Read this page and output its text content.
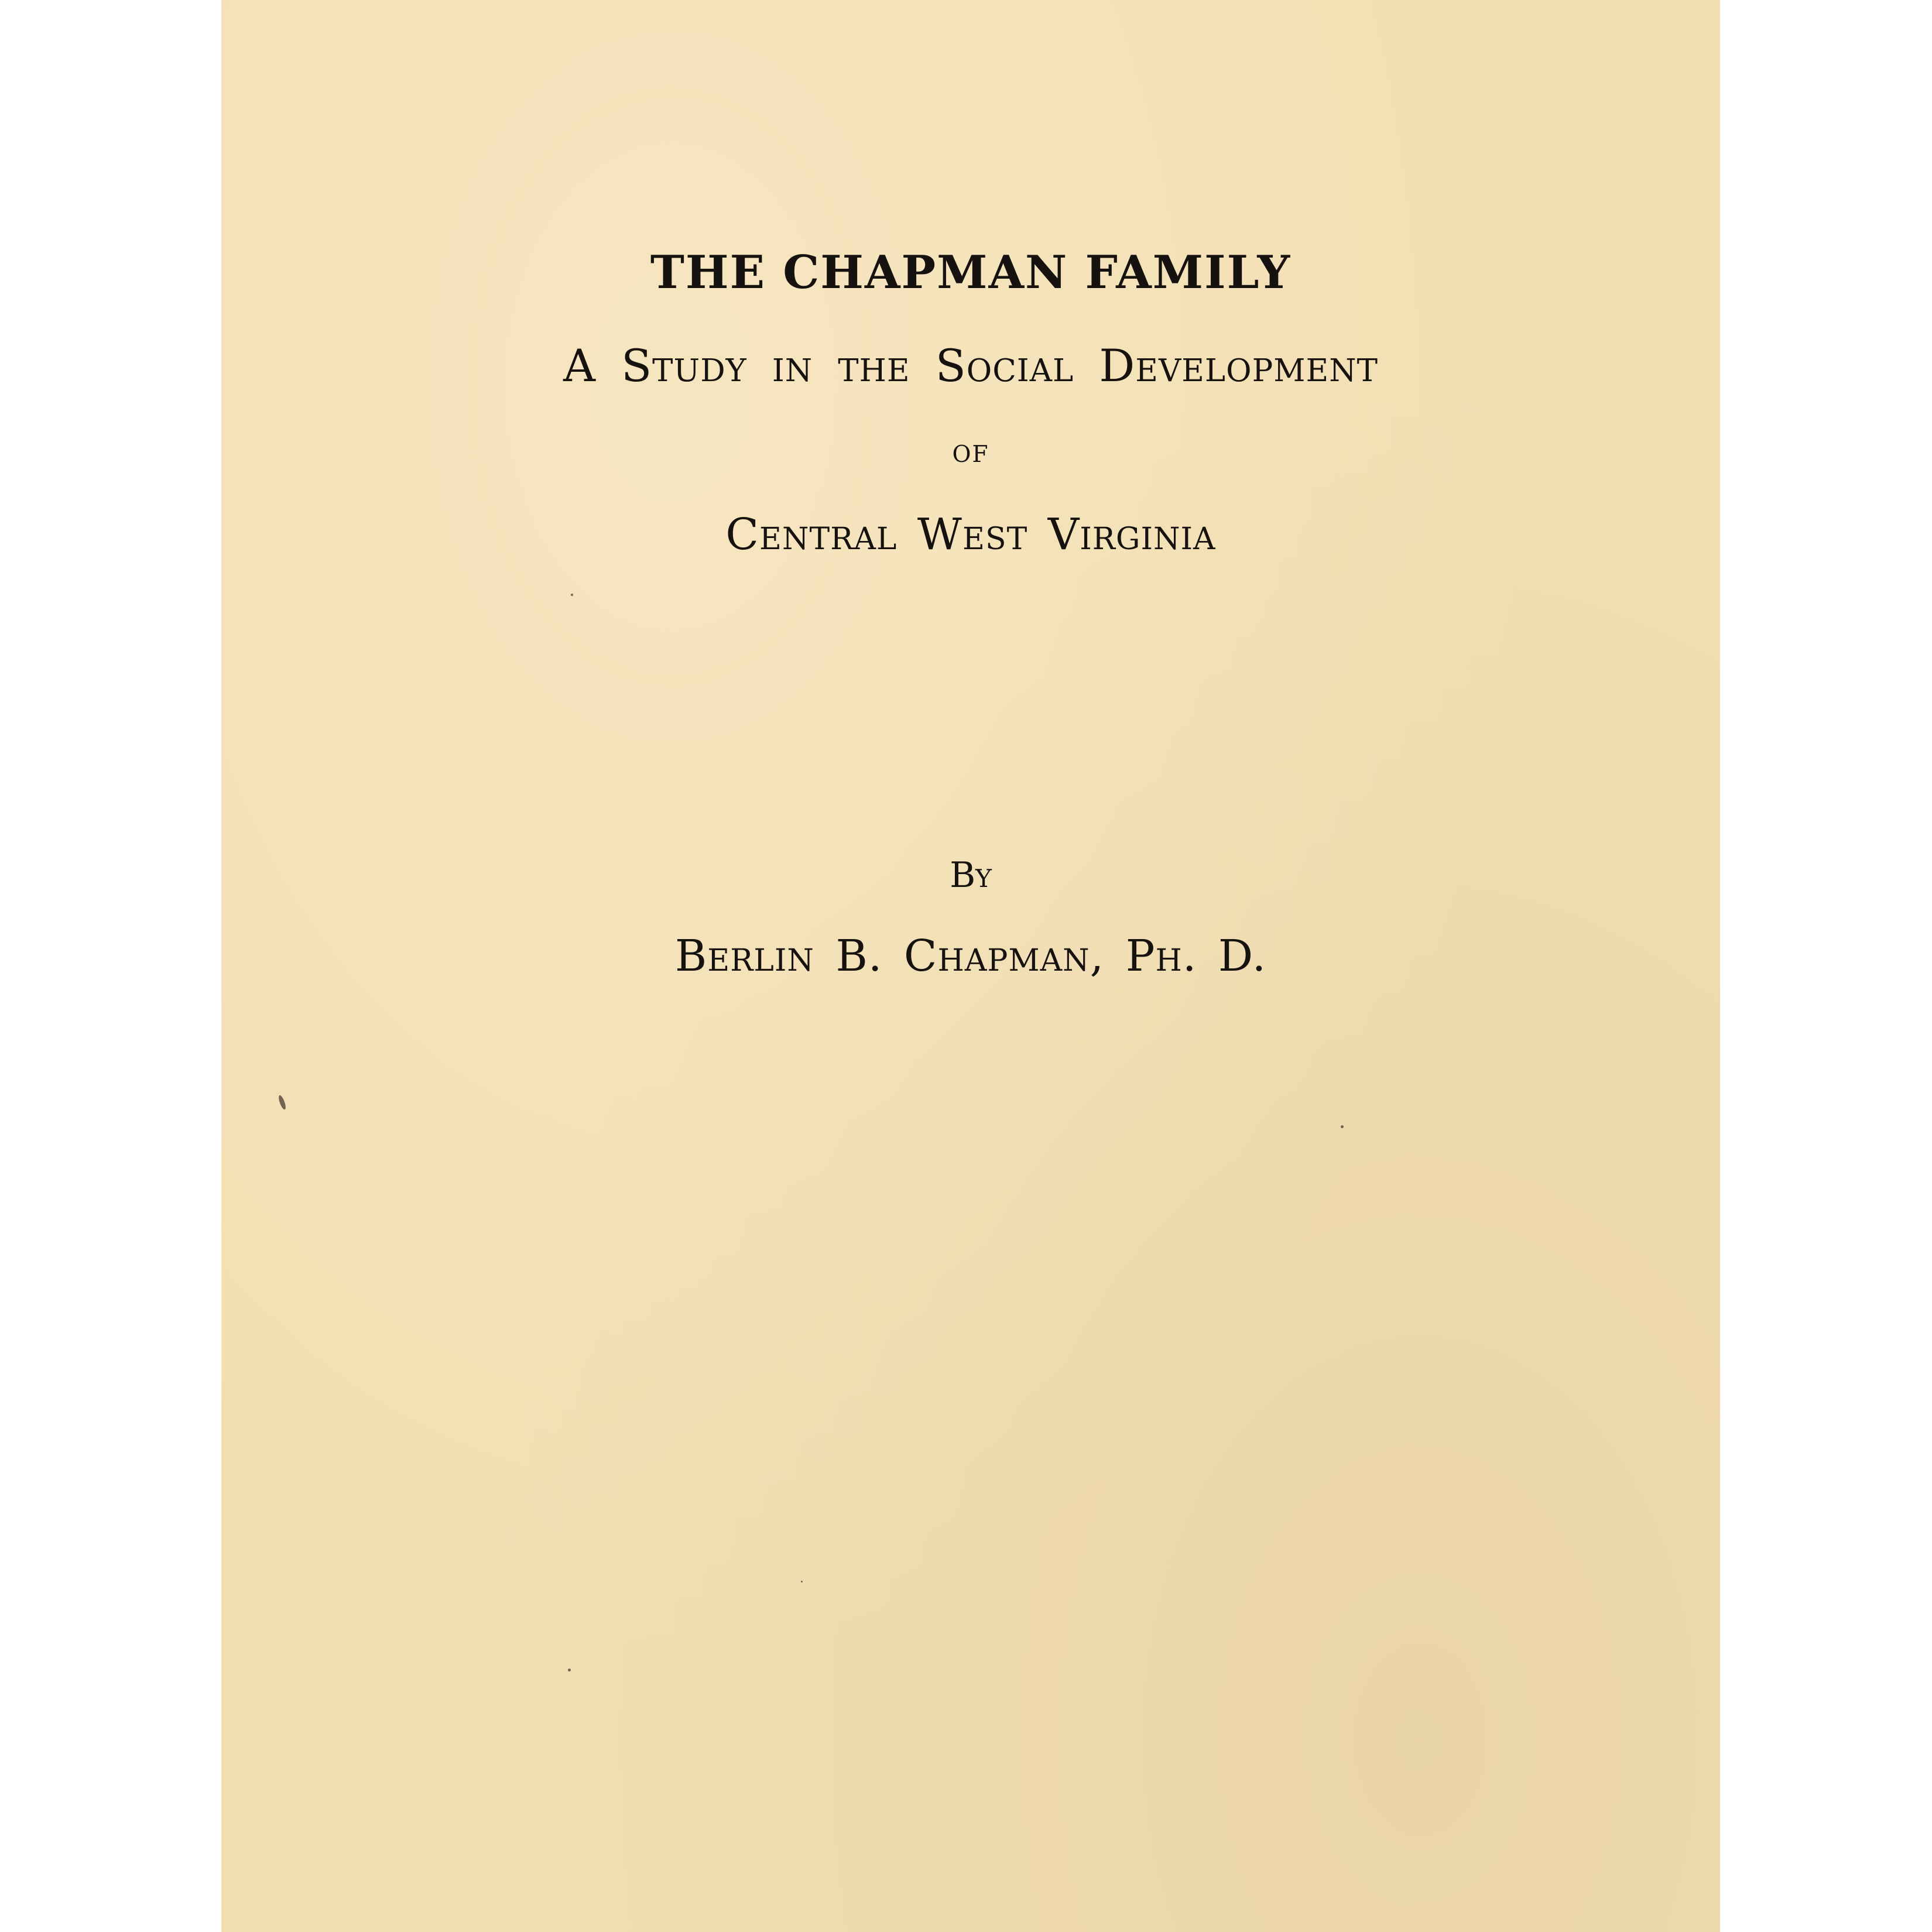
THE CHAPMAN FAMILY

A Study in the Social Development

of

Central West Virginia

By

Berlin B. Chapman, Ph. D.
